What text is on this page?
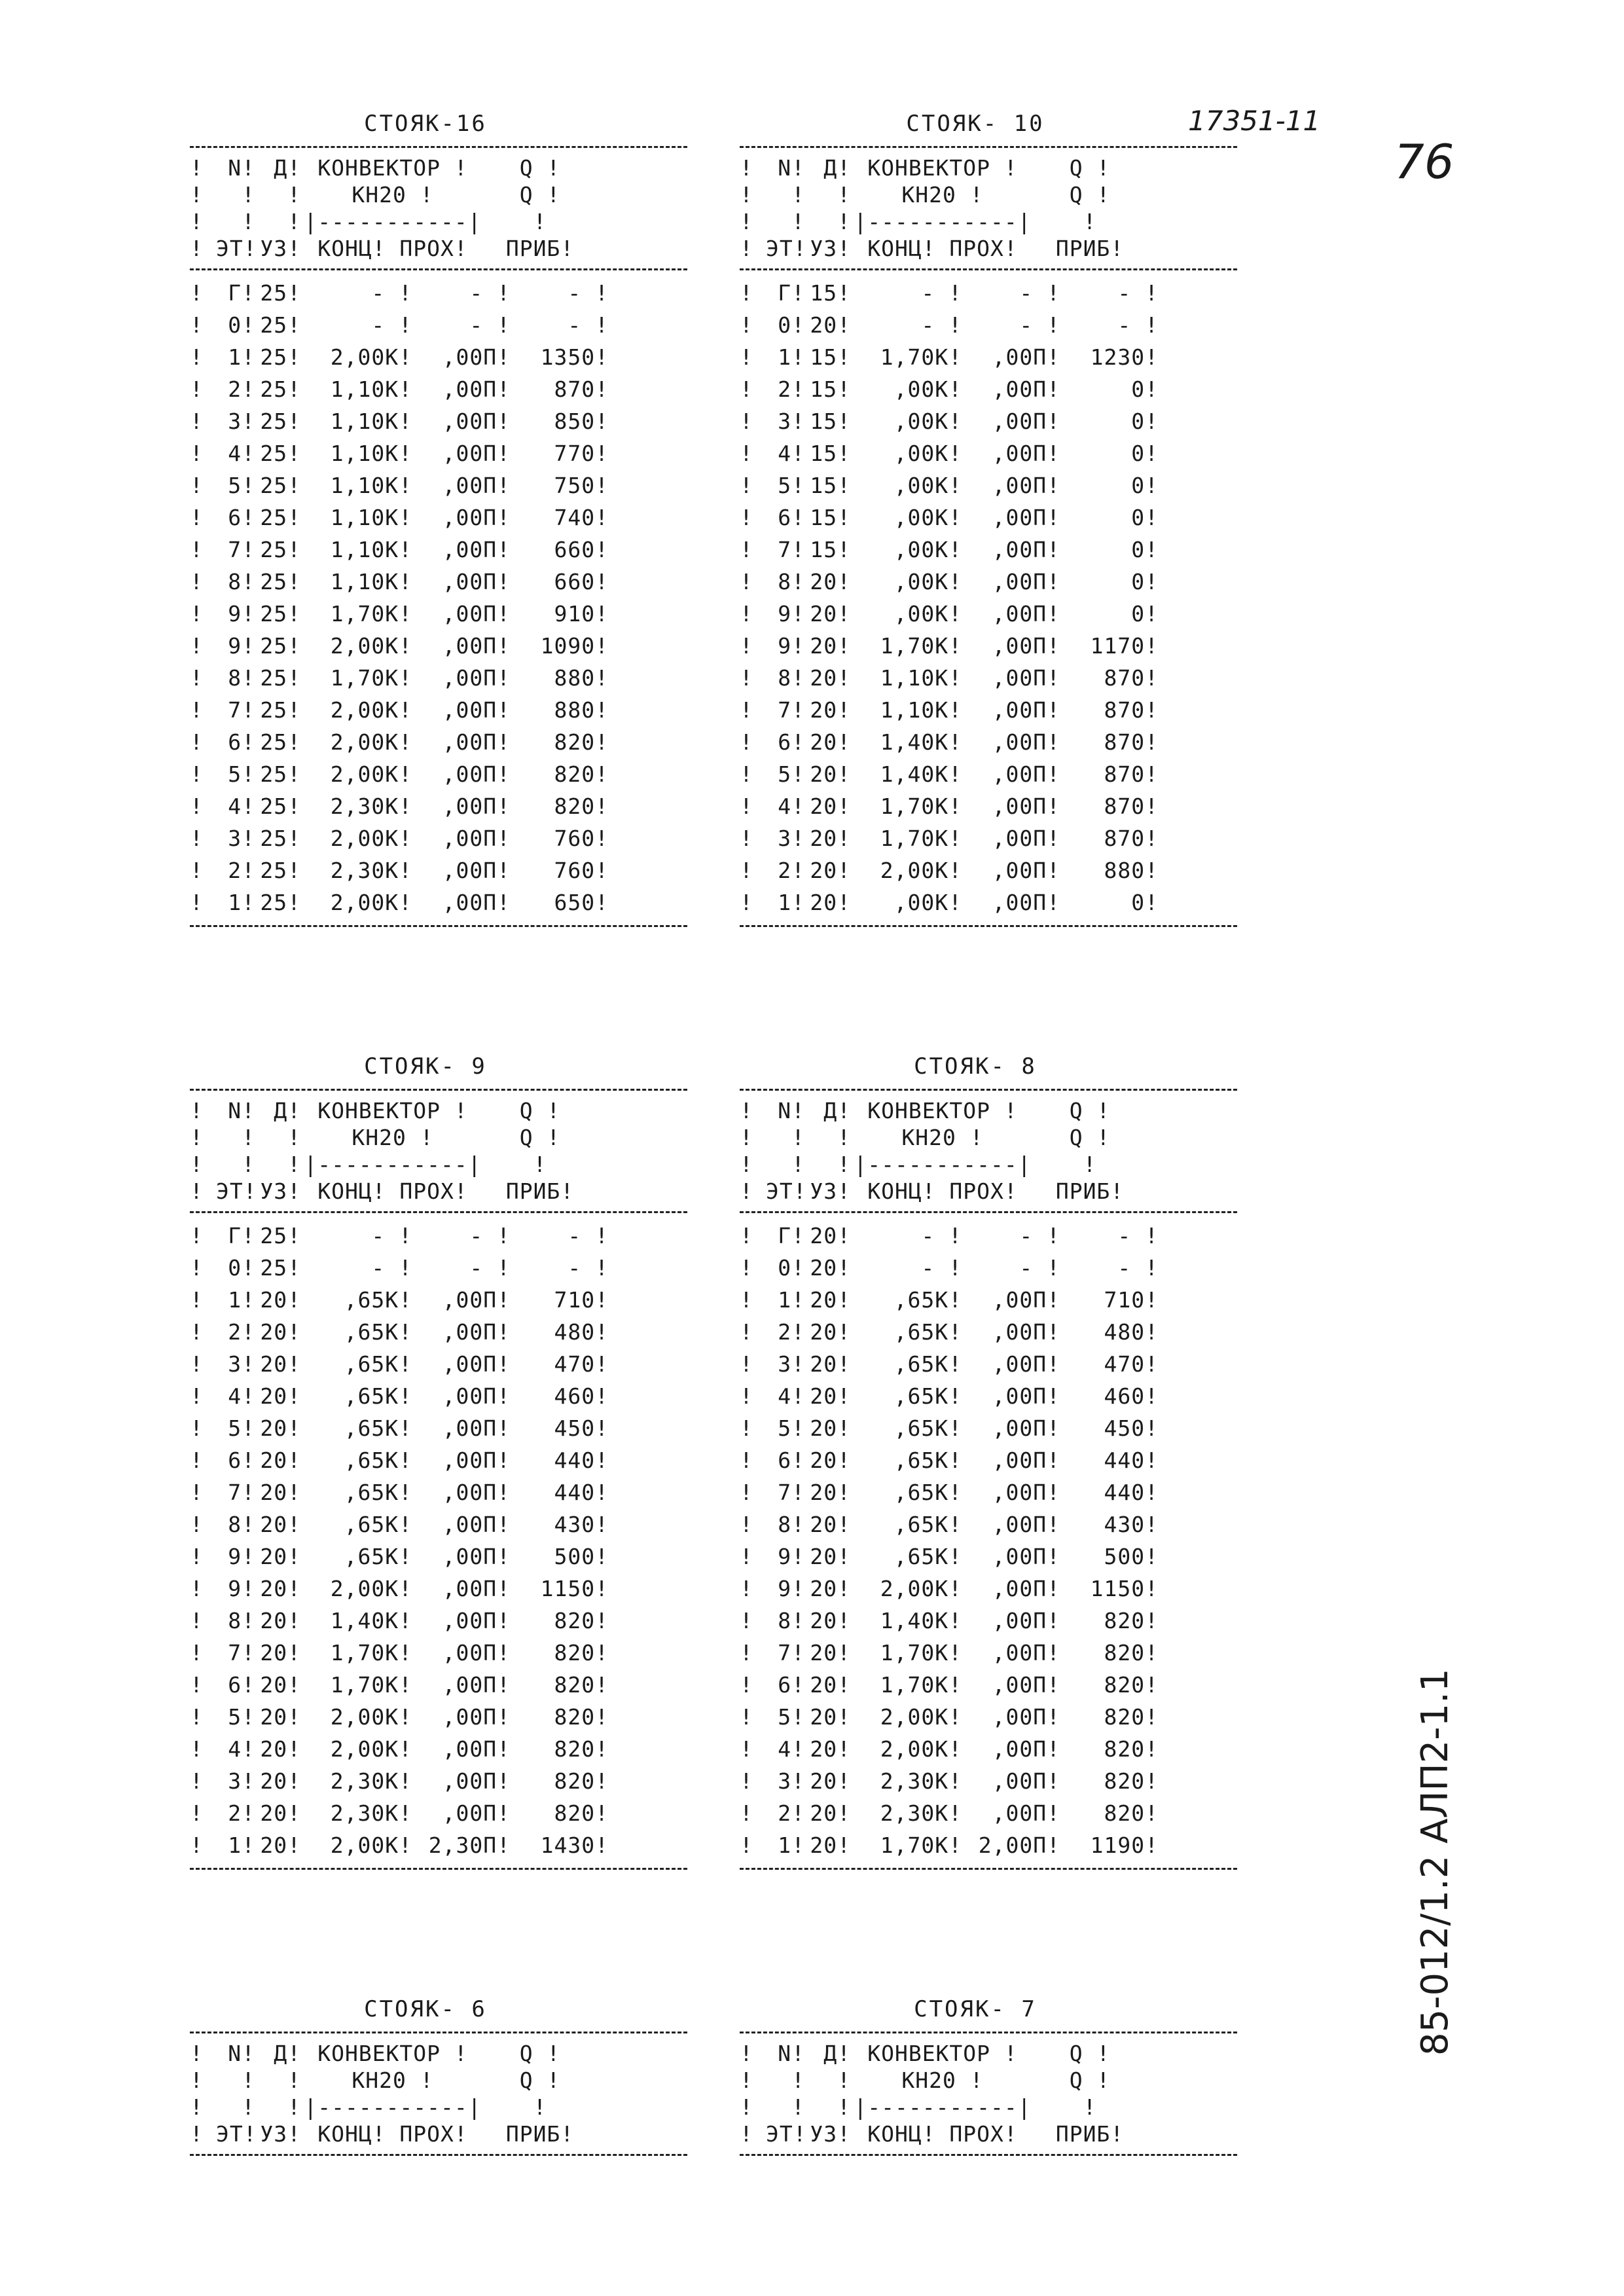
17351-11
76
85-012/1.2 АЛП2-1.1
СТОЯК-16
!	N! Д! КОНВЕКТОР !	Q !
!	!	!	КН20 !	Q !
!	!	! |-----------|	!
! ЭТ! УЗ! КОНЦ! ПРОХ!	ПРИБ!
!	Г! 25!	- !	- !	- !
!	0! 25!	- !	- !	- !
!	1! 25!	2,00К!	,00П!	1350!
!	2! 25!	1,10К!	,00П!	870!
!	3! 25!	1,10К!	,00П!	850!
!	4! 25!	1,10К!	,00П!	770!
!	5! 25!	1,10К!	,00П!	750!
!	6! 25!	1,10К!	,00П!	740!
!	7! 25!	1,10К!	,00П!	660!
!	8! 25!	1,10К!	,00П!	660!
!	9! 25!	1,70К!	,00П!	910!
!	9! 25!	2,00К!	,00П!	1090!
!	8! 25!	1,70К!	,00П!	880!
!	7! 25!	2,00К!	,00П!	880!
!	6! 25!	2,00К!	,00П!	820!
!	5! 25!	2,00К!	,00П!	820!
!	4! 25!	2,30К!	,00П!	820!
!	3! 25!	2,00К!	,00П!	760!
!	2! 25!	2,30К!	,00П!	760!
!	1! 25!	2,00К!	,00П!	650!
СТОЯК- 10
!	N! Д! КОНВЕКТОР !	Q !
!	!	!	КН20 !	Q !
!	!	! |-----------|	!
! ЭТ! УЗ! КОНЦ! ПРОХ!	ПРИБ!
!	Г! 15!	- !	- !	- !
!	0! 20!	- !	- !	- !
!	1! 15!	1,70К!	,00П!	1230!
!	2! 15!	,00К!	,00П!	0!
!	3! 15!	,00К!	,00П!	0!
!	4! 15!	,00К!	,00П!	0!
!	5! 15!	,00К!	,00П!	0!
!	6! 15!	,00К!	,00П!	0!
!	7! 15!	,00К!	,00П!	0!
!	8! 20!	,00К!	,00П!	0!
!	9! 20!	,00К!	,00П!	0!
!	9! 20!	1,70К!	,00П!	1170!
!	8! 20!	1,10К!	,00П!	870!
!	7! 20!	1,10К!	,00П!	870!
!	6! 20!	1,40К!	,00П!	870!
!	5! 20!	1,40К!	,00П!	870!
!	4! 20!	1,70К!	,00П!	870!
!	3! 20!	1,70К!	,00П!	870!
!	2! 20!	2,00К!	,00П!	880!
!	1! 20!	,00К!	,00П!	0!
СТОЯК- 9
!	N! Д! КОНВЕКТОР !	Q !
!	!	!	КН20 !	Q !
!	!	! |-----------|	!
! ЭТ! УЗ! КОНЦ! ПРОХ!	ПРИБ!
!	Г! 25!	- !	- !	- !
!	0! 25!	- !	- !	- !
!	1! 20!	,65К!	,00П!	710!
!	2! 20!	,65К!	,00П!	480!
!	3! 20!	,65К!	,00П!	470!
!	4! 20!	,65К!	,00П!	460!
!	5! 20!	,65К!	,00П!	450!
!	6! 20!	,65К!	,00П!	440!
!	7! 20!	,65К!	,00П!	440!
!	8! 20!	,65К!	,00П!	430!
!	9! 20!	,65К!	,00П!	500!
!	9! 20!	2,00К!	,00П!	1150!
!	8! 20!	1,40К!	,00П!	820!
!	7! 20!	1,70К!	,00П!	820!
!	6! 20!	1,70К!	,00П!	820!
!	5! 20!	2,00К!	,00П!	820!
!	4! 20!	2,00К!	,00П!	820!
!	3! 20!	2,30К!	,00П!	820!
!	2! 20!	2,30К!	,00П!	820!
!	1! 20!	2,00К! 2,30П!	1430!
СТОЯК- 8
!	N! Д! КОНВЕКТОР !	Q !
!	!	!	КН20 !	Q !
!	!	! |-----------|	!
! ЭТ! УЗ! КОНЦ! ПРОХ!	ПРИБ!
!	Г! 20!	- !	- !	- !
!	0! 20!	- !	- !	- !
!	1! 20!	,65К!	,00П!	710!
!	2! 20!	,65К!	,00П!	480!
!	3! 20!	,65К!	,00П!	470!
!	4! 20!	,65К!	,00П!	460!
!	5! 20!	,65К!	,00П!	450!
!	6! 20!	,65К!	,00П!	440!
!	7! 20!	,65К!	,00П!	440!
!	8! 20!	,65К!	,00П!	430!
!	9! 20!	,65К!	,00П!	500!
!	9! 20!	2,00К!	,00П!	1150!
!	8! 20!	1,40К!	,00П!	820!
!	7! 20!	1,70К!	,00П!	820!
!	6! 20!	1,70К!	,00П!	820!
!	5! 20!	2,00К!	,00П!	820!
!	4! 20!	2,00К!	,00П!	820!
!	3! 20!	2,30К!	,00П!	820!
!	2! 20!	2,30К!	,00П!	820!
!	1! 20!	1,70К! 2,00П!	1190!
СТОЯК- 6
!	N! Д! КОНВЕКТОР !	Q !
!	!	!	КН20 !	Q !
!	!	! |-----------|	!
! ЭТ! УЗ! КОНЦ! ПРОХ!	ПРИБ!
СТОЯК- 7
!	N! Д! КОНВЕКТОР !	Q !
!	!	!	КН20 !	Q !
!	!	! |-----------|	!
! ЭТ! УЗ! КОНЦ! ПРОХ!	ПРИБ!
